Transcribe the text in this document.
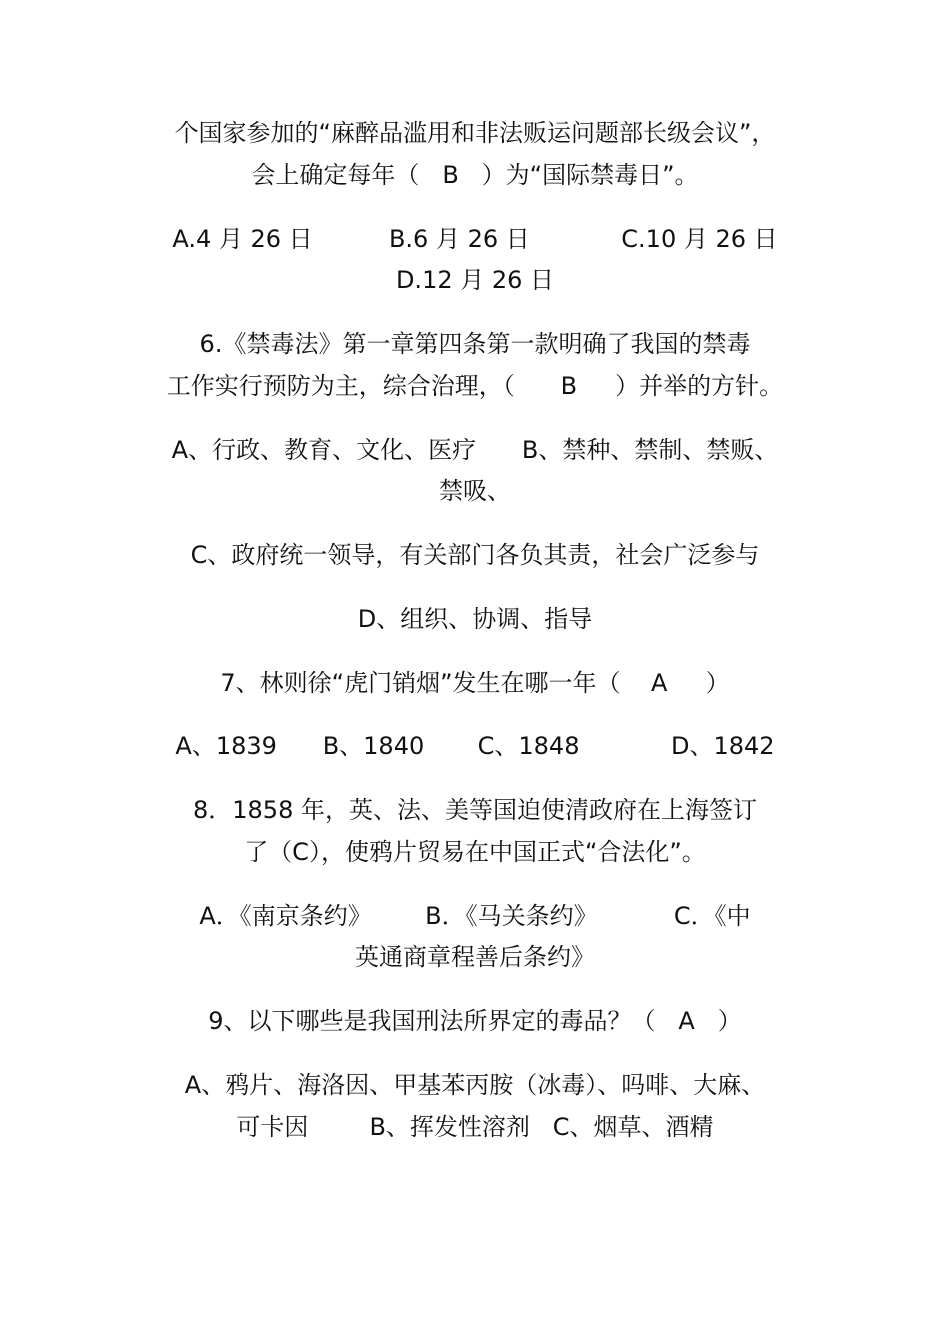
个国家参加的“麻醉品滥用和非法贩运问题部长级会议”，
会上确定每年（   B   ）为“国际禁毒日”。
A.4 月 26 日          B.6 月 26 日            C.10 月 26 日
D.12 月 26 日
6.《禁毒法》第一章第四条第一款明确了我国的禁毒
工作实行预防为主，综合治理，（      B     ）并举的方针。
A、行政、教育、文化、医疗      B、禁种、禁制、禁贩、
禁吸、
C、政府统一领导，有关部门各负其责，社会广泛参与
D、组织、协调、指导
7、林则徐“虎门销烟”发生在哪一年（    A     ）
A、1839      B、1840       C、1848            D、1842
8．1858 年，英、法、美等国迫使清政府在上海签订
了（C），使鸦片贸易在中国正式“合法化”。
A．《南京条约》       B．《马关条约》          C．《中
英通商章程善后条约》
9、以下哪些是我国刑法所界定的毒品？（   A   ）
A、鸦片、海洛因、甲基苯丙胺（冰毒）、吗啡、大麻、
可卡因        B、挥发性溶剂   C、烟草、酒精
